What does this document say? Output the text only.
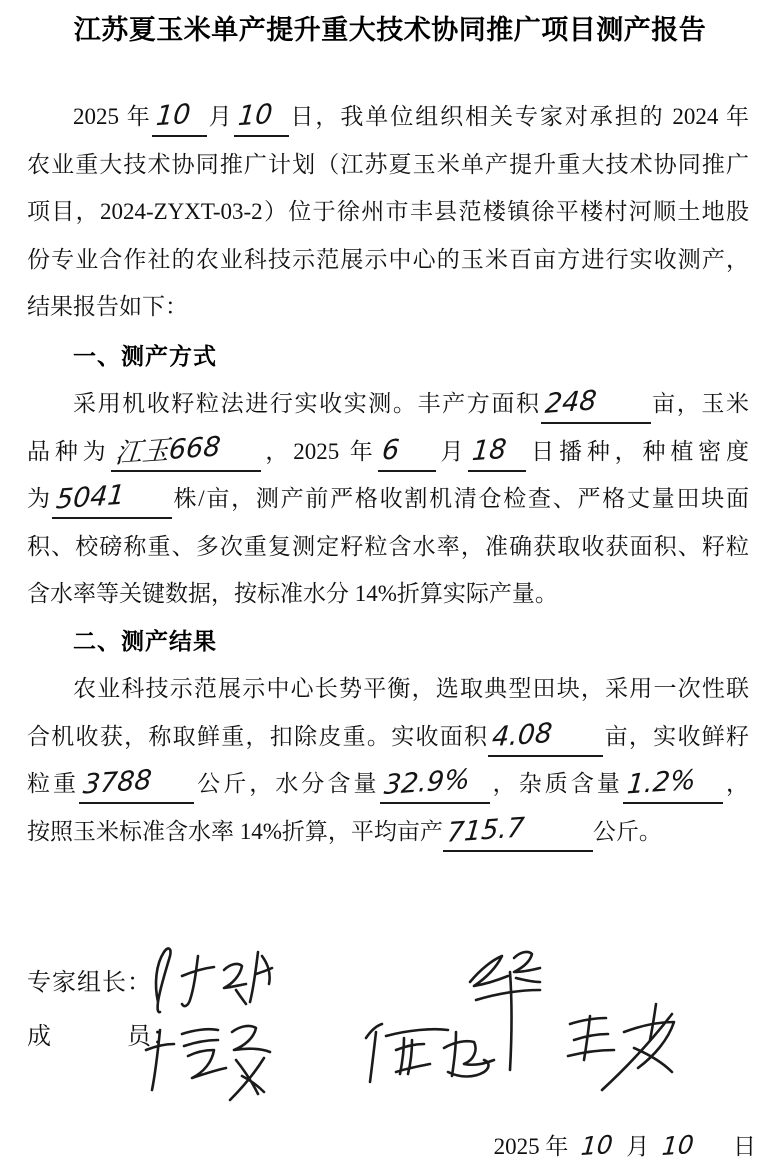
江苏夏玉米单产提升重大技术协同推广项目测产报告
2025 年 10 月 10 日，我单位组织相关专家对承担的 2024 年
农业重大技术协同推广计划（江苏夏玉米单产提升重大技术协同推广
项目，2024-ZYXT-03-2）位于徐州市丰县范楼镇徐平楼村河顺土地股
份专业合作社的农业科技示范展示中心的玉米百亩方进行实收测产，
结果报告如下：
一、测产方式
采用机收籽粒法进行实收实测。丰产方面积 248 亩，玉米
品种为 江玉668 ，2025 年6 月 18 日播种，种植密度
为 5041 株/亩，测产前严格收割机清仓检查、严格丈量田块面
积、校磅称重、多次重复测定籽粒含水率，准确获取收获面积、籽粒
含水率等关键数据，按标准水分 14%折算实际产量。
二、测产结果
农业科技示范展示中心长势平衡，选取典型田块，采用一次性联
合机收获，称取鲜重，扣除皮重。实收面积 4.08 亩，实收鲜籽
粒重 3788 公斤，水分含量 32.9% ，杂质含量 1.2% ，
按照玉米标准含水率 14%折算，平均亩产 715.7	公斤。
专家组长：
成　　　员：
2025 年 10 月 10 日
